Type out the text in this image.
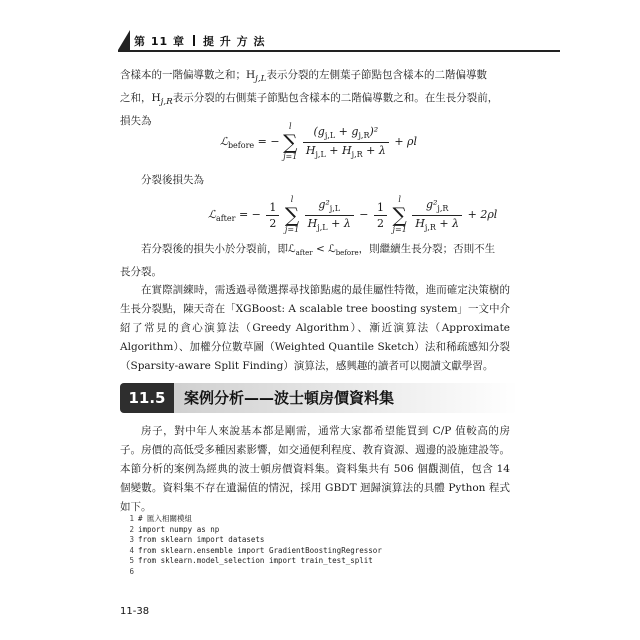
第 11 章 提 升 方 法

含樣本的一階偏導數之和；$H_{j,L}$表示分裂的左側葉子節點包含樣本的二階偏導數

之和，$H_{j,R}$表示分裂的右側葉子節點包含樣本的二階偏導數之和。在生長分裂前，

損失為

ℒ$_{before}$ = −
l
∑
j=1
$\frac{(g_{j,L} + g_{j,R})^2}{H_{j,L} + H_{j,R} + \lambda} + \rho l$

分裂後損失為

ℒ$_{after}$ = − $\frac{1}{2}$

l
∑
j=1
$\frac{g^2_{j,L}}{H_{j,L} + \lambda} - \frac{1}{2}$

l
∑
j=1
$\frac{g^2_{j,R}}{H_{j,R} + \lambda} + 2\rho l$

若分裂後的損失小於分裂前，即ℒ$_{after}$ < ℒ$_{before}$，則繼續生長分裂；否則不生

長分裂。

在實際訓練時，需透過尋徵選擇尋找節點處的最佳屬性特徵，進而確定決策樹的生長分裂點，陳天奇在「XGBoost: A scalable tree boosting system」一文中介紹了常見的貪心演算法（Greedy Algorithm）、漸近演算法（Approximate Algorithm）、加權分位數草圖（Weighted Quantile Sketch）法和稀疏感知分裂（Sparsity-aware Split Finding）演算法，感興趣的讀者可以閱讀文獻學習。

11.5	案例分析——波士頓房價資料集

房子，對中年人來說基本都是剛需，通常大家都希望能買到 C/P 值較高的房子。房價的高低受多種因素影響，如交通便利程度、教育資源、週邊的設施建設等。本節分析的案例為經典的波士頓房價資料集。資料集共有 506 個觀測值，包含 14 個變數。資料集不存在遺漏值的情況，採用 GBDT 迴歸演算法的具體 Python 程式如下。

1 # 匯入相關模組
2 import numpy as np
3 from sklearn import datasets
4 from sklearn.ensemble import GradientBoostingRegressor
5 from sklearn.model_selection import train_test_split
6
11-38
